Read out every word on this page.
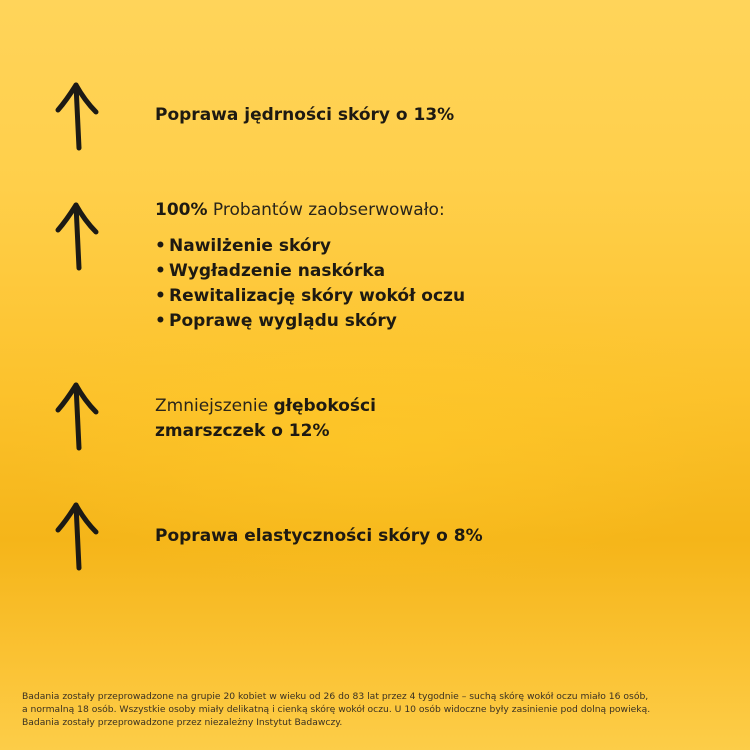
Poprawa jędrności skóry o 13%
100% Probantów zaobserwowało:
• Nawilżenie skóry
• Wygładzenie naskórka
• Rewitalizację skóry wokół oczu
• Poprawę wyglądu skóry
Zmniejszenie głębokości
zmarszczek o 12%
Poprawa elastyczności skóry o 8%
Badania zostały przeprowadzone na grupie 20 kobiet w wieku od 26 do 83 lat przez 4 tygodnie – suchą skórę wokół oczu miało 16 osób,
a normalną 18 osób. Wszystkie osoby miały delikatną i cienką skórę wokół oczu. U 10 osób widoczne były zasinienie pod dolną powieką.
Badania zostały przeprowadzone przez niezależny Instytut Badawczy.
